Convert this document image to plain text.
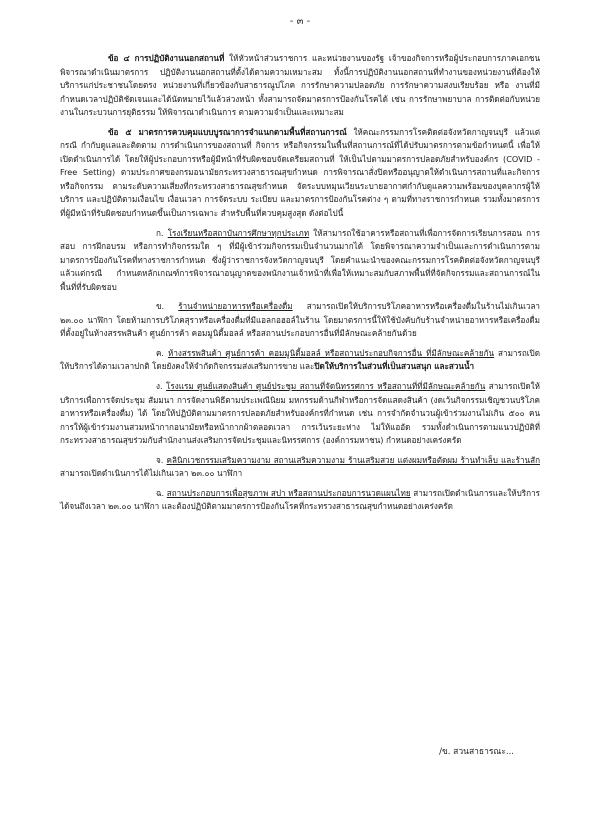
- ๓ -

ข้อ ๔ การปฏิบัติงานนอกสถานที่ ให้หัวหน้าส่วนราชการ และหน่วยงานของรัฐ เจ้าของกิจการหรือผู้ประกอบการภาคเอกชน พิจารณาดำเนินมาตรการ ปฏิบัติงานนอกสถานที่ตั้งได้ตามความเหมาะสม ทั้งนี้การปฏิบัติงานนอกสถานที่ทำงานของหน่วยงานที่ต้องให้บริการแก่ประชาชนโดยตรง หน่วยงานที่เกี่ยวข้องกับสาธารณูปโภค การรักษาความปลอดภัย การรักษาความสงบเรียบร้อย หรือ งานที่มีกำหนดเวลาปฏิบัติชัดเจนและได้นัดหมายไว้แล้วล่วงหน้า ทั้งสามารถจัดมาตรการป้องกันโรคได้ เช่น การรักษาพยาบาล การติดต่อกับหน่วยงานในกระบวนการยุติธรรม ให้พิจารณาดำเนินการ ตามความจำเป็นและเหมาะสม

ข้อ ๕ มาตรการควบคุมแบบบูรณาการจำแนกตามพื้นที่สถานการณ์ ให้คณะกรรมการโรคติดต่อจังหวัดกาญจนบุรี แล้วแต่กรณี กำกับดูแลและติดตาม การดำเนินการของสถานที่ กิจการ หรือกิจกรรมในพื้นที่สถานการณ์ที่ได้ปรับมาตรการตามข้อกำหนดนี้ เพื่อให้เปิดดำเนินการได้ โดยให้ผู้ประกอบการหรือผู้มีหน้าที่รับผิดชอบจัดเตรียมสถานที่ ให้เป็นไปตามมาตรการปลอดภัยสำหรับองค์กร (COVID - Free Setting) ตามประกาศของกรมอนามัยกระทรวงสาธารณสุขกำหนด การพิจารณาสั่งปิดหรืออนุญาตให้ดำเนินการสถานที่และกิจการหรือกิจกรรม ตามระดับความเสี่ยงที่กระทรวงสาธารณสุขกำหนด จัดระบบหมุนเวียนระบายอากาศกำกับดูแลความพร้อมของบุคลากรผู้ให้บริการ และปฏิบัติตามเงื่อนไข เงื่อนเวลา การจัดระบบ ระเบียบ และมาตรการป้องกันโรคต่าง ๆ ตามที่ทางราชการกำหนด รวมทั้งมาตรการที่ผู้มีหน้าที่รับผิดชอบกำหนดขึ้นเป็นการเฉพาะ สำหรับพื้นที่ควบคุมสูงสุด ดังต่อไปนี้

ก. โรงเรียนหรือสถาบันการศึกษาทุกประเภท ให้สามารถใช้อาคารหรือสถานที่เพื่อการจัดการเรียนการสอน การสอบ การฝึกอบรม หรือการทำกิจกรรมใด ๆ ที่มีผู้เข้าร่วมกิจกรรมเป็นจำนวนมากได้ โดยพิจารณาความจำเป็นและการดำเนินการตามมาตรการป้องกันโรคที่ทางราชการกำหนด ซึ่งผู้ว่าราชการจังหวัดกาญจนบุรี โดยคำแนะนำของคณะกรรมการโรคติดต่อจังหวัดกาญจนบุรี แล้วแต่กรณี กำหนดหลักเกณฑ์การพิจารณาอนุญาตของพนักงานเจ้าหน้าที่เพื่อให้เหมาะสมกับสภาพพื้นที่ที่จัดกิจกรรมและสถานการณ์ในพื้นที่ที่รับผิดชอบ

ข. ร้านจำหน่ายอาหารหรือเครื่องดื่ม สามารถเปิดให้บริการบริโภคอาหารหรือเครื่องดื่มในร้านไม่เกินเวลา ๒๓.๐๐ นาฬิกา โดยห้ามการบริโภคสุราหรือเครื่องดื่มที่มีแอลกอฮอล์ในร้าน โดยมาตรการนี้ให้ใช้บังคับกับร้านจำหน่ายอาหารหรือเครื่องดื่มที่ตั้งอยู่ในห้างสรรพสินค้า ศูนย์การค้า คอมมูนิตี้มอลล์ หรือสถานประกอบการอื่นที่มีลักษณะคล้ายกันด้วย

ค. ห้างสรรพสินค้า ศูนย์การค้า คอมมูนิตี้มอลล์ หรือสถานประกอบกิจการอื่น ที่มีลักษณะคล้ายกัน สามารถเปิดให้บริการได้ตามเวลาปกติ โดยยังคงให้จำกัดกิจกรรมส่งเสริมการขาย และปิดให้บริการในส่วนที่เป็นสวนสนุก และสวนน้ำ

ง. โรงแรม ศูนย์แสดงสินค้า ศูนย์ประชุม สถานที่จัดนิทรรศการ หรือสถานที่ที่มีลักษณะคล้ายกัน สามารถเปิดให้บริการเพื่อการจัดประชุม สัมมนา การจัดงานพิธีตามประเพณีนิยม มหกรรมด้านกีฬาหรือการจัดแสดงสินค้า (งดเว้นกิจกรรมเชิญชวนบริโภคอาหารหรือเครื่องดื่ม) ได้ โดยให้ปฏิบัติตามมาตรการปลอดภัยสำหรับองค์กรที่กำหนด เช่น การจำกัดจำนวนผู้เข้าร่วมงานไม่เกิน ๕๐๐ คน การให้ผู้เข้าร่วมงานสวมหน้ากากอนามัยหรือหน้ากากผ้าตลอดเวลา การเว้นระยะห่าง ไม่ให้แออัด รวมทั้งดำเนินการตามแนวปฏิบัติที่กระทรวงสาธารณสุขร่วมกับสำนักงานส่งเสริมการจัดประชุมและนิทรรศการ (องค์การมหาชน) กำหนดอย่างเคร่งครัด

จ. คลินิกเวชกรรมเสริมความงาม สถานเสริมความงาม ร้านเสริมสวย แต่งผมหรือตัดผม ร้านทำเล็บ และร้านสัก สามารถเปิดดำเนินการได้ไม่เกินเวลา ๒๓.๐๐ นาฬิกา

ฉ. สถานประกอบการเพื่อสุขภาพ สปา หรือสถานประกอบการนวดแผนไทย สามารถเปิดดำเนินการและให้บริการได้จนถึงเวลา ๒๓.๐๐ นาฬิกา และต้องปฏิบัติตามมาตรการป้องกันโรคที่กระทรวงสาธารณสุขกำหนดอย่างเคร่งครัด

/ข. สวนสาธารณะ...
